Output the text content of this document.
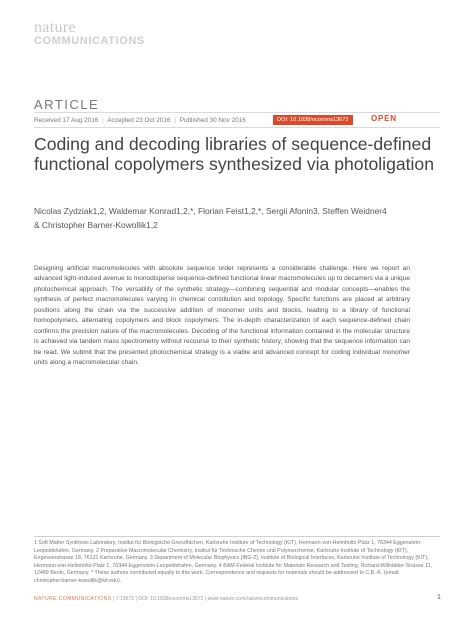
nature
COMMUNICATIONS
ARTICLE
Received 17 Aug 2016 | Accepted 23 Oct 2016 | Published 30 Nov 2016	DOI: 10.1038/ncomms13672	OPEN
Coding and decoding libraries of sequence-defined functional copolymers synthesized via photoligation
Nicolas Zydziak1,2, Waldemar Konrad1,2,*, Florian Feist1,2,*, Sergii Afonin3, Steffen Weidner4
& Christopher Barner-Kowollik1,2
Designing artificial macromolecules with absolute sequence order represents a considerable challenge. Here we report an advanced light-induced avenue to monodisperse sequence-defined functional linear macromolecules up to decamers via a unique photochemical approach. The versatility of the synthetic strategy—combining sequential and modular concepts—enables the synthesis of perfect macromolecules varying in chemical constitution and topology. Specific functions are placed at arbitrary positions along the chain via the successive addition of monomer units and blocks, leading to a library of functional homopolymers, alternating copolymers and block copolymers. The in-depth characterization of each sequence-defined chain confirms the precision nature of the macromolecules. Decoding of the functional information contained in the molecular structure is achieved via tandem mass spectrometry without recourse to their synthetic history, showing that the sequence information can be read. We submit that the presented photochemical strategy is a viable and advanced concept for coding individual monomer units along a macromolecular chain.
1 Soft Matter Synthesis Laboratory, Institut für Biologische Grenzflächen, Karlsruhe Institute of Technology (KIT), Hermann-von-Helmholtz-Platz 1, 76344 Eggenstein-Leopoldshafen, Germany. 2 Preparative Macromolecular Chemistry, Institut für Technische Chemie und Polymerchemie, Karlsruhe Institute of Technology (KIT), Engesserstrasse 18, 76131 Karlsruhe, Germany. 3 Department of Molecular Biophysics (IBG-2), Institute of Biological Interfaces, Karlsruhe Institute of Technology (KIT), Hermann-von-Helmholtz-Platz 1, 76344 Eggenstein-Leopoldshafen, Germany. 4 BAM-Federal Institute for Materials Research and Testing, Richard-Willstätter-Strasse 11, 12489 Berlin, Germany. * These authors contributed equally to this work. Correspondence and requests for materials should be addressed to C.B.-K. (email: christopher.barner-kowollik@kit.edu).
NATURE COMMUNICATIONS | 7:13672 | DOI: 10.1038/ncomms13672 | www.nature.com/naturecommunications	1
